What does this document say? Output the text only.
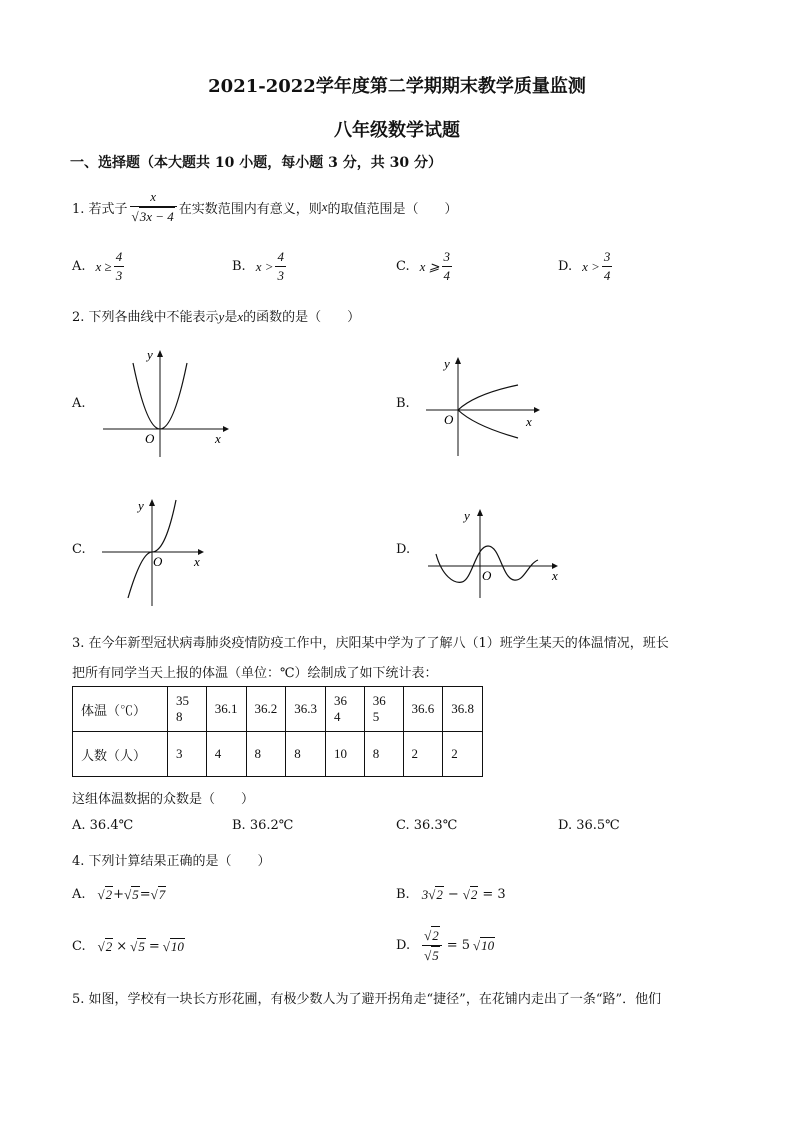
2021-2022学年度第二学期期末教学质量监测
八年级数学试题
一、选择题（本大题共 10 小题，每小题 3 分，共 30 分）
1. 若式子 $\frac{x}{√3x - 4}$ 在实数范围内有意义，则 x 的取值范围是（　　）
A. $x \ge \frac{4}{3}$	B. $x > \frac{4}{3}$	C. x ⩾ $\frac{3}{4}$	D. $x > \frac{3}{4}$
2. 下列各曲线中不能表示y是x的函数的是（　　）
A.
x
y
O
B.
x
y
O
C.
x
y
O
D.
x
y
O
3. 在今年新型冠状病毒肺炎疫情防疫工作中，庆阳某中学为了了解八（1）班学生某天的体温情况，班长
把所有同学当天上报的体温（单位：℃）绘制成了如下统计表：
体温（℃）	35 8	36.1	36.2	36.3	36 4	36 5	36.6	36.8
人数（人）	3	4	8	8	10	8	2	2
这组体温数据的众数是（　　）
A. 36.4℃	B. 36.2℃	C. 36.3℃	D. 36.5℃
4. 下列计算结果正确的是（　　）
A. √2 + √5 = √7	B. 3 √2 − √2 = 3
C. √2 × √5 = √10	D. $\frac{√2}{√5} = 5$ √10
5. 如图，学校有一块长方形花圃，有极少数人为了避开拐角走“捷径”，在花铺内走出了一条“路”．他们
